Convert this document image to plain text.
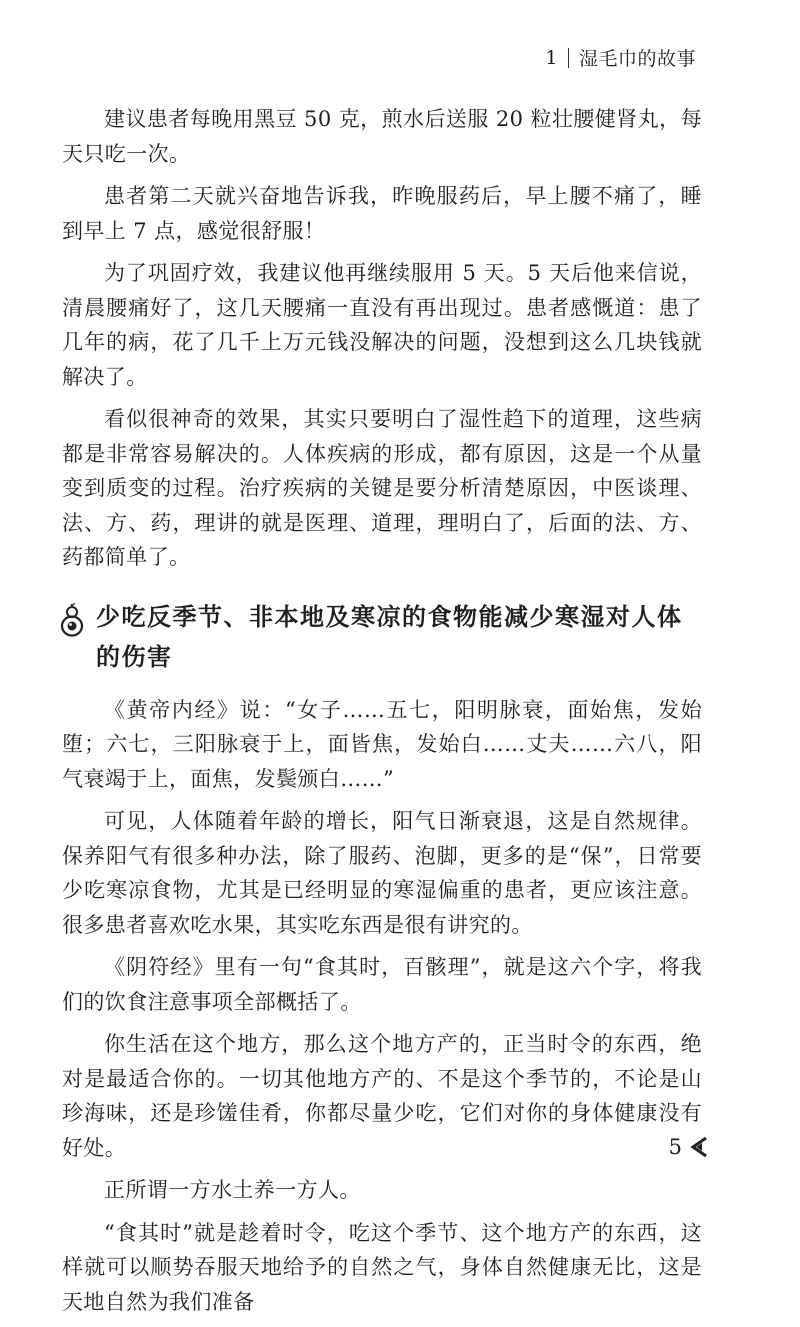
1 湿毛巾的故事

建议患者每晚用黑豆 50 克，煎水后送服 20 粒壮腰健肾丸，每天只吃一次。

患者第二天就兴奋地告诉我，昨晚服药后，早上腰不痛了，睡到早上 7 点，感觉很舒服！

为了巩固疗效，我建议他再继续服用 5 天。5 天后他来信说，清晨腰痛好了，这几天腰痛一直没有再出现过。患者感慨道：患了几年的病，花了几千上万元钱没解决的问题，没想到这么几块钱就解决了。

看似很神奇的效果，其实只要明白了湿性趋下的道理，这些病都是非常容易解决的。人体疾病的形成，都有原因，这是一个从量变到质变的过程。治疗疾病的关键是要分析清楚原因，中医谈理、法、方、药，理讲的就是医理、道理，理明白了，后面的法、方、药都简单了。

少吃反季节、非本地及寒凉的食物能减少寒湿对人体的伤害

《黄帝内经》说：“女子……五七，阳明脉衰，面始焦，发始堕；六七，三阳脉衰于上，面皆焦，发始白……丈夫……六八，阳气衰竭于上，面焦，发鬓颁白……”

可见，人体随着年龄的增长，阳气日渐衰退，这是自然规律。保养阳气有很多种办法，除了服药、泡脚，更多的是“保”，日常要少吃寒凉食物，尤其是已经明显的寒湿偏重的患者，更应该注意。很多患者喜欢吃水果，其实吃东西是很有讲究的。

《阴符经》里有一句“食其时，百骸理”，就是这六个字，将我们的饮食注意事项全部概括了。

你生活在这个地方，那么这个地方产的，正当时令的东西，绝对是最适合你的。一切其他地方产的、不是这个季节的，不论是山珍海味，还是珍馐佳肴，你都尽量少吃，它们对你的身体健康没有好处。

正所谓一方水土养一方人。

“食其时”就是趁着时令，吃这个季节、这个地方产的东西，这样就可以顺势吞服天地给予的自然之气，身体自然健康无比，这是天地自然为我们准备

5
